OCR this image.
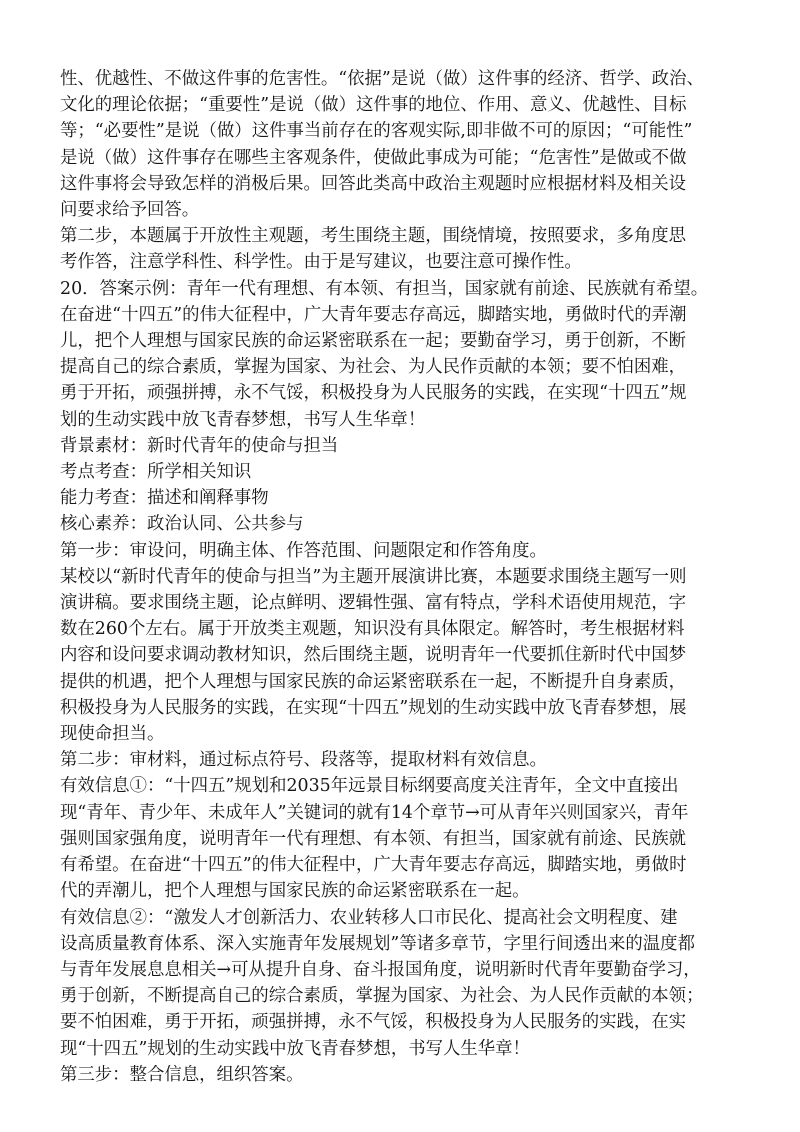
性、优越性、不做这件事的危害性。“依据”是说（做）这件事的经济、哲学、政治、
文化的理论依据；“重要性”是说（做）这件事的地位、作用、意义、优越性、目标
等；“必要性”是说（做）这件事当前存在的客观实际,即非做不可的原因；“可能性”
是说（做）这件事存在哪些主客观条件，使做此事成为可能；“危害性”是做或不做
这件事将会导致怎样的消极后果。回答此类高中政治主观题时应根据材料及相关设
问要求给予回答。
第二步，本题属于开放性主观题，考生围绕主题，围绕情境，按照要求，多角度思
考作答，注意学科性、科学性。由于是写建议，也要注意可操作性。
20．答案示例：青年一代有理想、有本领、有担当，国家就有前途、民族就有希望。
在奋进“十四五”的伟大征程中，广大青年要志存高远，脚踏实地，勇做时代的弄潮
儿，把个人理想与国家民族的命运紧密联系在一起；要勤奋学习，勇于创新，不断
提高自己的综合素质，掌握为国家、为社会、为人民作贡献的本领；要不怕困难，
勇于开拓，顽强拼搏，永不气馁，积极投身为人民服务的实践，在实现“十四五”规
划的生动实践中放飞青春梦想，书写人生华章！
背景素材：新时代青年的使命与担当
考点考查：所学相关知识
能力考查：描述和阐释事物
核心素养：政治认同、公共参与
第一步：审设问，明确主体、作答范围、问题限定和作答角度。
某校以“新时代青年的使命与担当”为主题开展演讲比赛，本题要求围绕主题写一则
演讲稿。要求围绕主题，论点鲜明、逻辑性强、富有特点，学科术语使用规范，字
数在260个左右。属于开放类主观题，知识没有具体限定。解答时，考生根据材料
内容和设问要求调动教材知识，然后围绕主题，说明青年一代要抓住新时代中国梦
提供的机遇，把个人理想与国家民族的命运紧密联系在一起，不断提升自身素质，
积极投身为人民服务的实践，在实现“十四五”规划的生动实践中放飞青春梦想，展
现使命担当。
第二步：审材料，通过标点符号、段落等，提取材料有效信息。
有效信息①：“十四五”规划和2035年远景目标纲要高度关注青年，全文中直接出
现“青年、青少年、未成年人”关键词的就有14个章节→可从青年兴则国家兴，青年
强则国家强角度，说明青年一代有理想、有本领、有担当，国家就有前途、民族就
有希望。在奋进“十四五”的伟大征程中，广大青年要志存高远，脚踏实地，勇做时
代的弄潮儿，把个人理想与国家民族的命运紧密联系在一起。
有效信息②：“激发人才创新活力、农业转移人口市民化、提高社会文明程度、建
设高质量教育体系、深入实施青年发展规划”等诸多章节，字里行间透出来的温度都
与青年发展息息相关→可从提升自身、奋斗报国角度，说明新时代青年要勤奋学习，
勇于创新，不断提高自己的综合素质，掌握为国家、为社会、为人民作贡献的本领；
要不怕困难，勇于开拓，顽强拼搏，永不气馁，积极投身为人民服务的实践，在实
现“十四五”规划的生动实践中放飞青春梦想，书写人生华章！
第三步：整合信息，组织答案。
